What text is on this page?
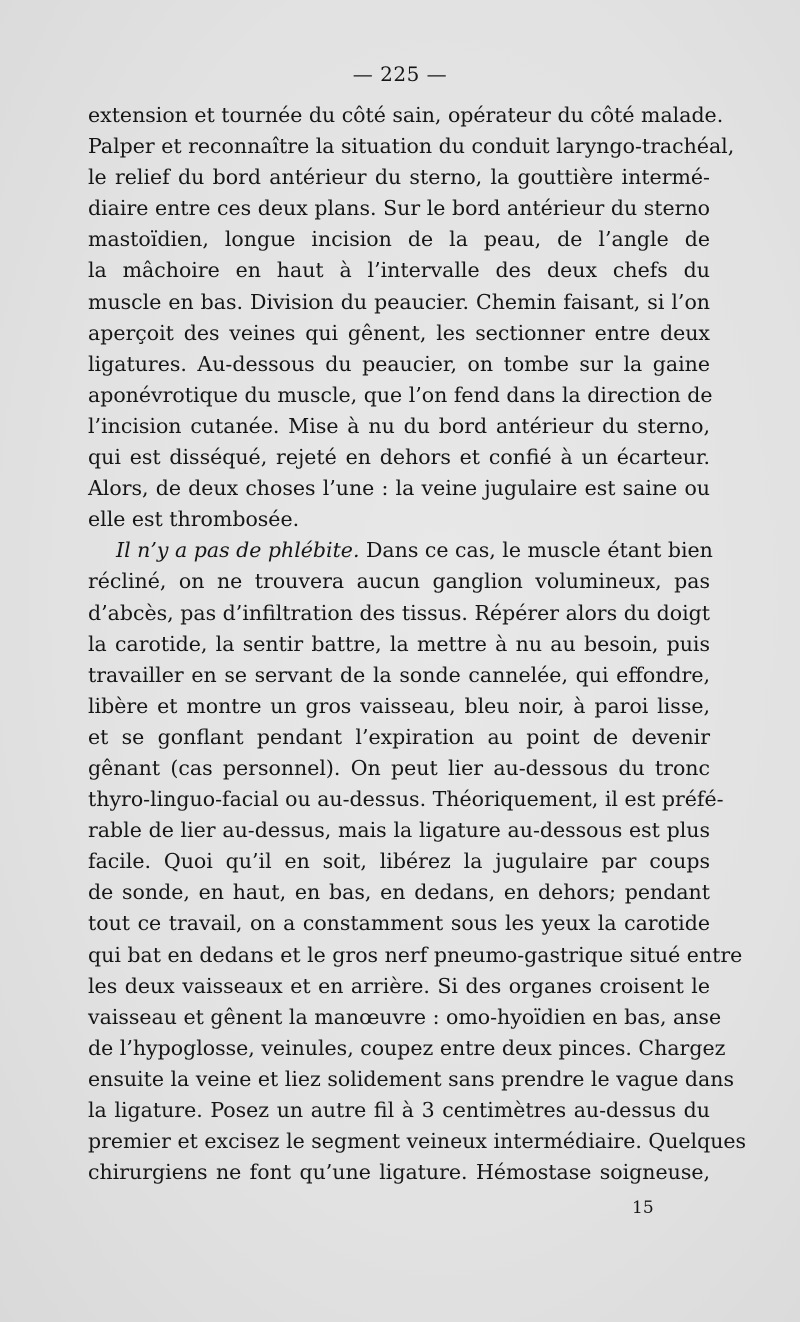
— 225 —
extension et tournée du côté sain, opérateur du côté malade.
Palper et reconnaître la situation du conduit laryngo-trachéal,
le relief du bord antérieur du sterno, la gouttière intermé-
diaire entre ces deux plans. Sur le bord antérieur du sterno
mastoïdien, longue incision de la peau, de l’angle de
la mâchoire en haut à l’intervalle des deux chefs du
muscle en bas. Division du peaucier. Chemin faisant, si l’on
aperçoit des veines qui gênent, les sectionner entre deux
ligatures. Au-dessous du peaucier, on tombe sur la gaine
aponévrotique du muscle, que l’on fend dans la direction de
l’incision cutanée. Mise à nu du bord antérieur du sterno,
qui est disséqué, rejeté en dehors et confié à un écarteur.
Alors, de deux choses l’une : la veine jugulaire est saine ou
elle est thrombosée.
Il n’y a pas de phlébite. Dans ce cas, le muscle étant bien
récliné, on ne trouvera aucun ganglion volumineux, pas
d’abcès, pas d’infiltration des tissus. Répérer alors du doigt
la carotide, la sentir battre, la mettre à nu au besoin, puis
travailler en se servant de la sonde cannelée, qui effondre,
libère et montre un gros vaisseau, bleu noir, à paroi lisse,
et se gonflant pendant l’expiration au point de devenir
gênant (cas personnel). On peut lier au-dessous du tronc
thyro-linguo-facial ou au-dessus. Théoriquement, il est préfé-
rable de lier au-dessus, mais la ligature au-dessous est plus
facile. Quoi qu’il en soit, libérez la jugulaire par coups
de sonde, en haut, en bas, en dedans, en dehors; pendant
tout ce travail, on a constamment sous les yeux la carotide
qui bat en dedans et le gros nerf pneumo-gastrique situé entre
les deux vaisseaux et en arrière. Si des organes croisent le
vaisseau et gênent la manœuvre : omo-hyoïdien en bas, anse
de l’hypoglosse, veinules, coupez entre deux pinces. Chargez
ensuite la veine et liez solidement sans prendre le vague dans
la ligature. Posez un autre fil à 3 centimètres au-dessus du
premier et excisez le segment veineux intermédiaire. Quelques
chirurgiens ne font qu’une ligature. Hémostase soigneuse,
15
